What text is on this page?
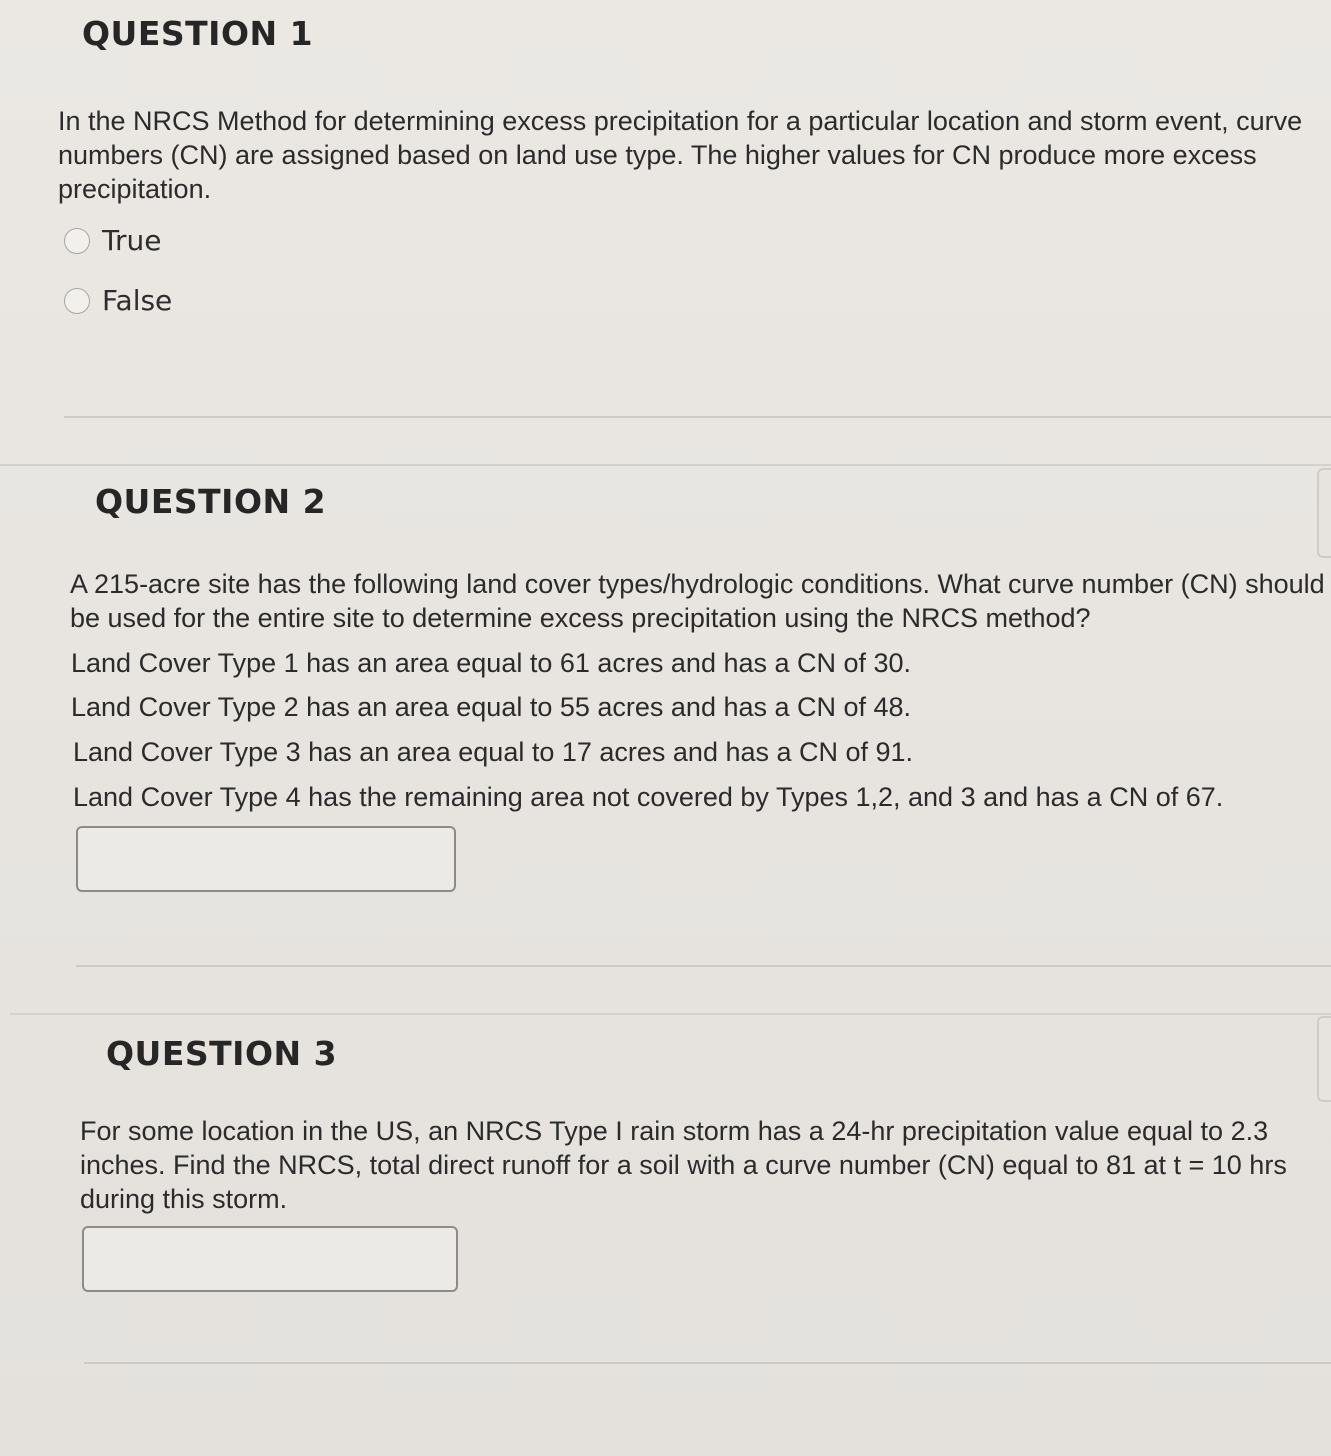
QUESTION 1
In the NRCS Method for determining excess precipitation for a particular location and storm event, curve numbers (CN) are assigned based on land use type. The higher values for CN produce more excess precipitation.
True
False
QUESTION 2
A 215-acre site has the following land cover types/hydrologic conditions. What curve number (CN) should be used for the entire site to determine excess precipitation using the NRCS method?
Land Cover Type 1 has an area equal to 61 acres and has a CN of 30.
Land Cover Type 2 has an area equal to 55 acres and has a CN of 48.
Land Cover Type 3 has an area equal to 17 acres and has a CN of 91.
Land Cover Type 4 has the remaining area not covered by Types 1,2, and 3 and has a CN of 67.
QUESTION 3
For some location in the US, an NRCS Type I rain storm has a 24-hr precipitation value equal to 2.3 inches. Find the NRCS, total direct runoff for a soil with a curve number (CN) equal to 81 at t = 10 hrs during this storm.
